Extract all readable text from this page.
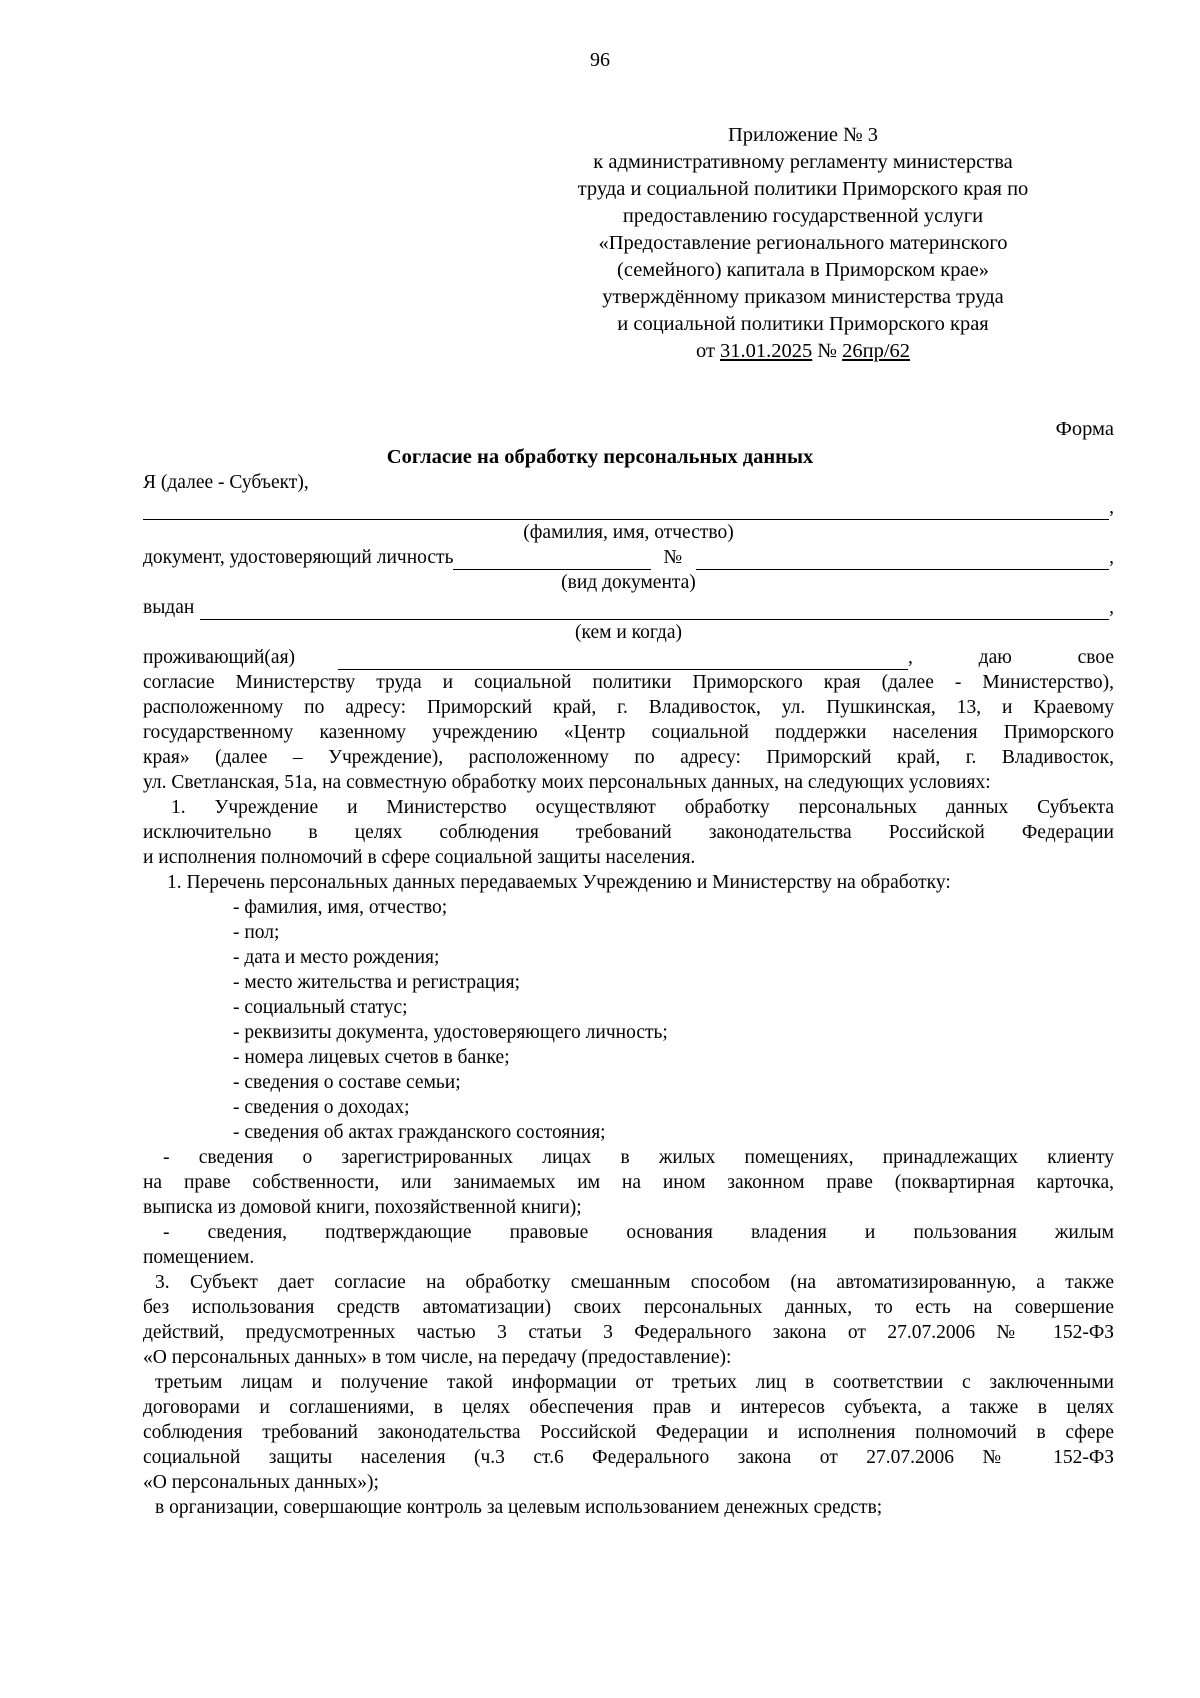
96
Приложение № 3
к административному регламенту министерства
труда и социальной политики Приморского края по
предоставлению государственной услуги
«Предоставление регионального материнского
(семейного) капитала в Приморском крае»
утверждённому приказом министерства труда
и социальной политики Приморского края
от 31.01.2025 № 26пр/62
Форма
Согласие на обработку персональных данных
Я (далее - Субъект),
,
(фамилия, имя, отчество)
документ, удостоверяющий личность	№	,
(вид документа)
выдан	,
(кем и когда)
проживающий(ая)	, даю свое
согласие Министерству труда и социальной политики Приморского края (далее - Министерство),
расположенному по адресу: Приморский край, г. Владивосток, ул. Пушкинская, 13, и Краевому
государственному казенному учреждению «Центр социальной поддержки населения Приморского
края» (далее – Учреждение), расположенному по адресу: Приморский край, г. Владивосток,
ул. Светланская, 51а, на совместную обработку моих персональных данных, на следующих условиях:
1. Учреждение и Министерство осуществляют обработку персональных данных Субъекта
исключительно в целях соблюдения требований законодательства Российской Федерации
и исполнения полномочий в сфере социальной защиты населения.
1. Перечень персональных данных передаваемых Учреждению и Министерству на обработку:
- фамилия, имя, отчество;
- пол;
- дата и место рождения;
- место жительства и регистрация;
- социальный статус;
- реквизиты документа, удостоверяющего личность;
- номера лицевых счетов в банке;
- сведения о составе семьи;
- сведения о доходах;
- сведения об актах гражданского состояния;
- сведения о зарегистрированных лицах в жилых помещениях, принадлежащих клиенту
на праве собственности, или занимаемых им на ином законном праве (поквартирная карточка,
выписка из домовой книги, похозяйственной книги);
- сведения, подтверждающие правовые основания владения и пользования жилым
помещением.
3. Субъект дает согласие на обработку смешанным способом (на автоматизированную, а также
без использования средств автоматизации) своих персональных данных, то есть на совершение
действий, предусмотренных частью 3 статьи 3 Федерального закона от 27.07.2006 № 152-ФЗ
«О персональных данных» в том числе, на передачу (предоставление):
третьим лицам и получение такой информации от третьих лиц в соответствии с заключенными
договорами и соглашениями, в целях обеспечения прав и интересов субъекта, а также в целях
соблюдения требований законодательства Российской Федерации и исполнения полномочий в сфере
социальной защиты населения (ч.3 ст.6 Федерального закона от 27.07.2006 № 152-ФЗ
«О персональных данных»);
в организации, совершающие контроль за целевым использованием денежных средств;
